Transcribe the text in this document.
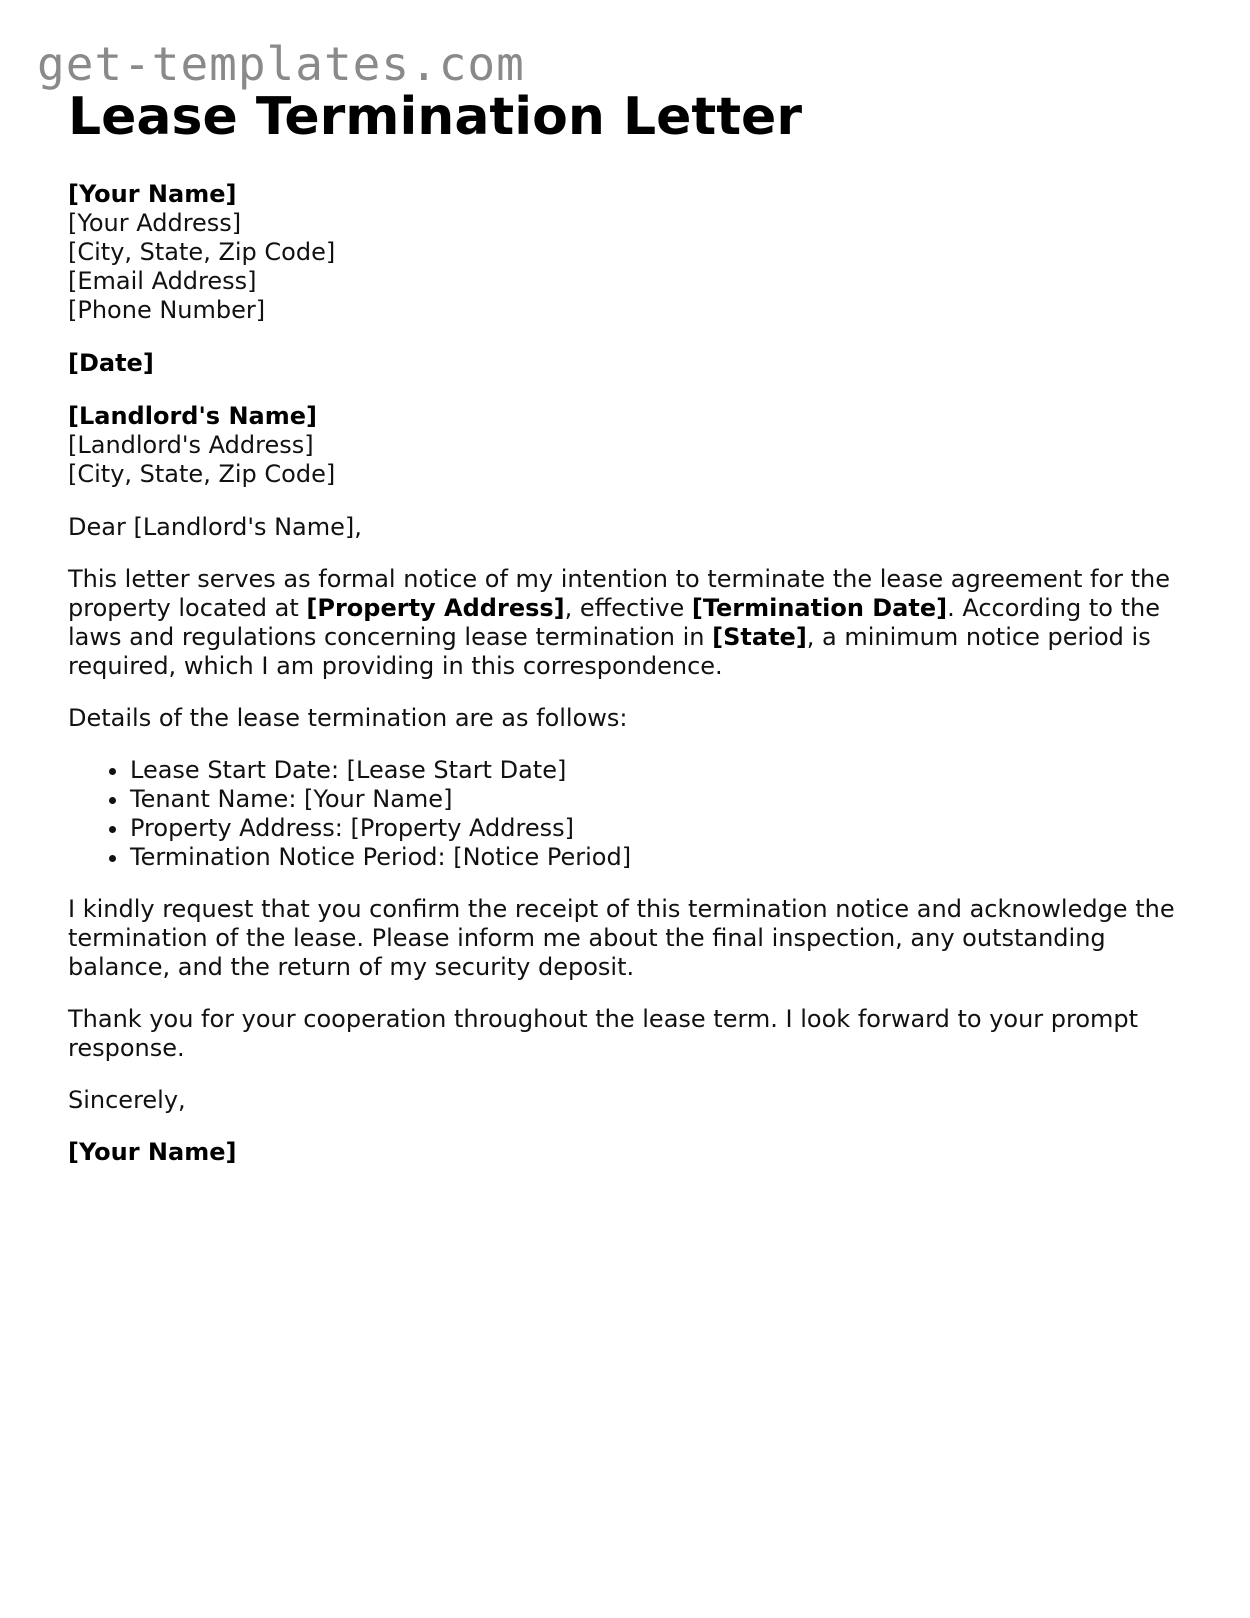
get-templates.com
Lease Termination Letter
[Your Name]
[Your Address]
[City, State, Zip Code]
[Email Address]
[Phone Number]

[Date]

[Landlord's Name]
[Landlord's Address]
[City, State, Zip Code]

Dear [Landlord's Name],

This letter serves as formal notice of my intention to terminate the lease agreement for the property located at [Property Address], effective [Termination Date]. According to the laws and regulations concerning lease termination in [State], a minimum notice period is required, which I am providing in this correspondence.

Details of the lease termination are as follows:

• Lease Start Date: [Lease Start Date]
• Tenant Name: [Your Name]
• Property Address: [Property Address]
• Termination Notice Period: [Notice Period]

I kindly request that you confirm the receipt of this termination notice and acknowledge the termination of the lease. Please inform me about the final inspection, any outstanding balance, and the return of my security deposit.

Thank you for your cooperation throughout the lease term. I look forward to your prompt response.

Sincerely,

[Your Name]
